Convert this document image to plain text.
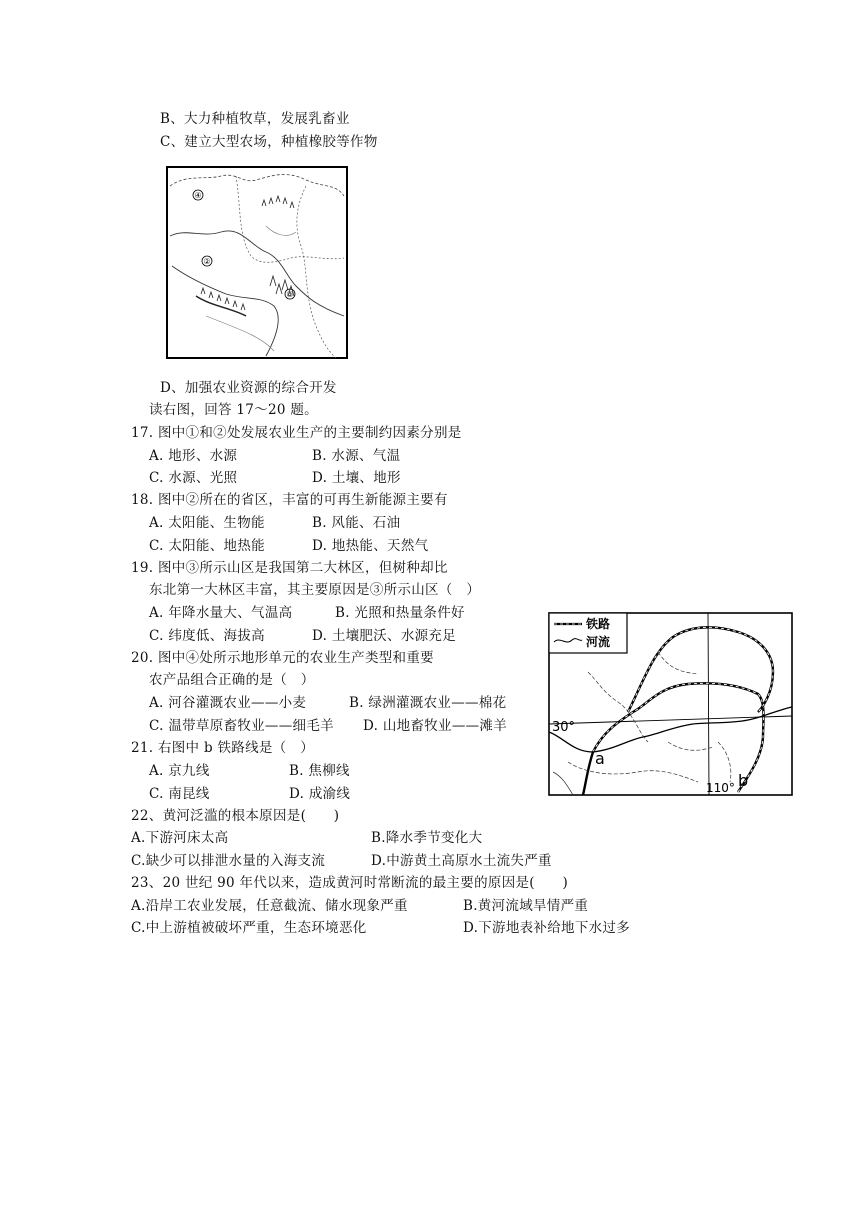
B、大力种植牧草，发展乳畜业
C、建立大型农场，种植橡胶等作物
④
②
③
D、加强农业资源的综合开发
读右图，回答 17～20 题。
17. 图中①和②处发展农业生产的主要制约因素分别是
A. 地形、水源	B. 水源、气温
C. 水源、光照	D. 土壤、地形
18. 图中②所在的省区，丰富的可再生新能源主要有
A. 太阳能、生物能	B. 风能、石油
C. 太阳能、地热能	D. 地热能、天然气
19. 图中③所示山区是我国第二大林区，但树种却比
东北第一大林区丰富，其主要原因是③所示山区（　）
A. 年降水量大、气温高	B. 光照和热量条件好
C. 纬度低、海拔高	D. 土壤肥沃、水源充足
20. 图中④处所示地形单元的农业生产类型和重要
农产品组合正确的是（　）
A. 河谷灌溉农业——小麦	B. 绿洲灌溉农业——棉花
C. 温带草原畜牧业——细毛羊 D. 山地畜牧业——滩羊
铁路
河流
30°
a
110° b
21. 右图中 b 铁路线是（　）
A. 京九线	B. 焦柳线
C. 南昆线	D. 成渝线
22、黄河泛滥的根本原因是(　　)
A.下游河床太高	B.降水季节变化大
C.缺少可以排泄水量的入海支流	D.中游黄土高原水土流失严重
23、20 世纪 90 年代以来，造成黄河时常断流的最主要的原因是(　　)
A.沿岸工农业发展，任意截流、储水现象严重	B.黄河流域旱情严重
C.中上游植被破坏严重，生态环境恶化	D.下游地表补给地下水过多
